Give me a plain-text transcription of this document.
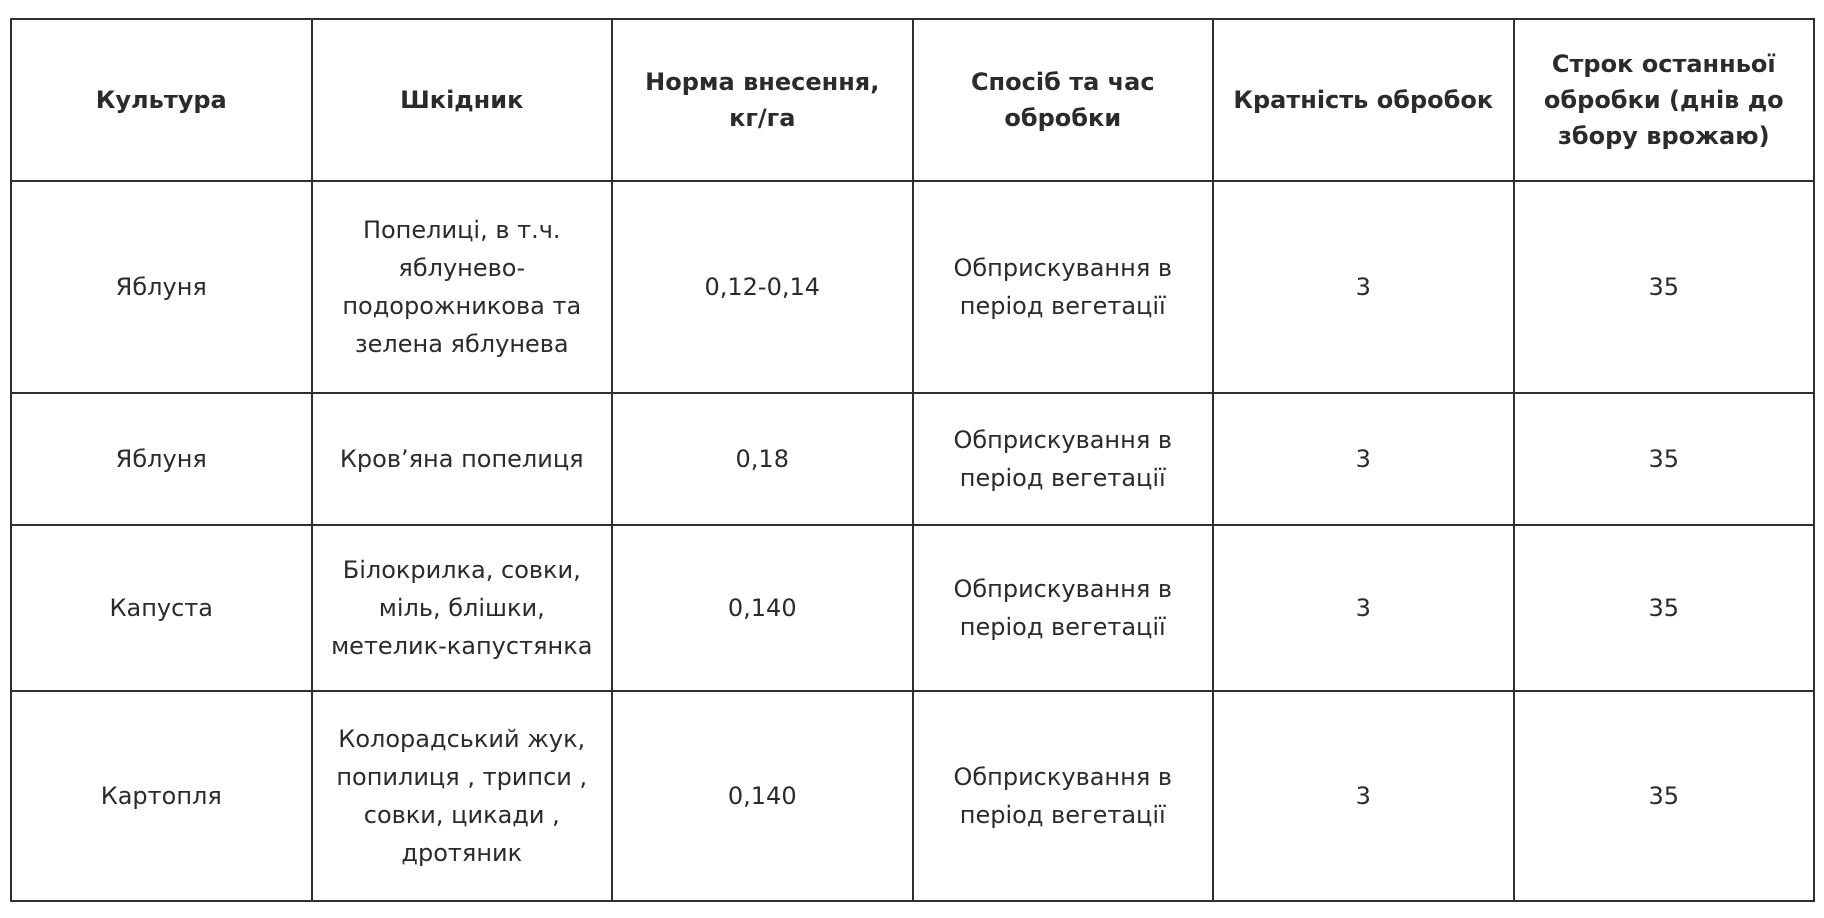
Культура	Шкідник	Норма внесення, кг/га	Спосіб та час обробки	Кратність обробок	Строк останньої обробки (днів до збору врожаю)
Яблуня	Попелиці, в т.ч. яблунево-подорожникова та зелена яблунева	0,12-0,14	Обприскування в період вегетації	3	35
Яблуня	Кров’яна попелиця	0,18	Обприскування в період вегетації	3	35
Капуста	Білокрилка, совки, міль, блішки, метелик-капустянка	0,140	Обприскування в період вегетації	3	35
Картопля	Колорадський жук, попилиця , трипси , совки, цикади , дротяник	0,140	Обприскування в період вегетації	3	35
